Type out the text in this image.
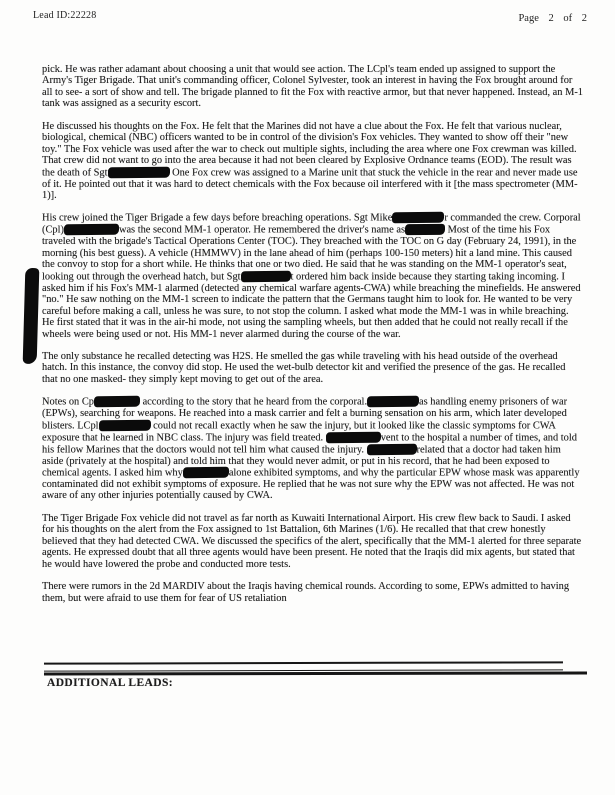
Lead ID:22228	Page 2 of 2

pick. He was rather adamant about choosing a unit that would see action. The LCpl's team ended up assigned to support the Army's Tiger Brigade. That unit's commanding officer, Colonel Sylvester, took an interest in having the Fox brought around for all to see- a sort of show and tell. The brigade planned to fit the Fox with reactive armor, but that never happened. Instead, an M-1 tank was assigned as a security escort.

He discussed his thoughts on the Fox. He felt that the Marines did not have a clue about the Fox. He felt that various nuclear, biological, chemical (NBC) officers wanted to be in control of the division's Fox vehicles. They wanted to show off their "new toy." The Fox vehicle was used after the war to check out multiple sights, including the area where one Fox crewman was killed. That crew did not want to go into the area because it had not been cleared by Explosive Ordnance teams (EOD). The result was the death of Sgt	One Fox crew was assigned to a Marine unit that stuck the vehicle in the rear and never made use of it. He pointed out that it was hard to detect chemicals with the Fox because oil interfered with it [the mass spectrometer (MM-1)].

His crew joined the Tiger Brigade a few days before breaching operations. Sgt Mike	r commanded the crew. Corporal (Cpl)	was the second MM-1 operator. He remembered the driver's name as	Most of the time his Fox traveled with the brigade's Tactical Operations Center (TOC). They breached with the TOC on G day (February 24, 1991), in the morning (his best guess). A vehicle (HMMWV) in the lane ahead of him (perhaps 100-150 meters) hit a land mine. This caused the convoy to stop for a short while. He thinks that one or two died. He said that he was standing on the MM-1 operator's seat, looking out through the overhead hatch, but Sgt	t ordered him back inside because they starting taking incoming. I asked him if his Fox's MM-1 alarmed (detected any chemical warfare agents-CWA) while breaching the minefields. He answered "no." He saw nothing on the MM-1 screen to indicate the pattern that the Germans taught him to look for. He wanted to be very careful before making a call, unless he was sure, to not stop the column. I asked what mode the MM-1 was in while breaching. He first stated that it was in the air-hi mode, not using the sampling wheels, but then added that he could not really recall if the wheels were being used or not. His MM-1 never alarmed during the course of the war.

The only substance he recalled detecting was H2S. He smelled the gas while traveling with his head outside of the overhead hatch. In this instance, the convoy did stop. He used the wet-bulb detector kit and verified the presence of the gas. He recalled that no one masked- they simply kept moving to get out of the area.

Notes on Cp	according to the story that he heard from the corporal.	as handling enemy prisoners of war (EPWs), searching for weapons. He reached into a mask carrier and felt a burning sensation on his arm, which later developed blisters. LCpl	could not recall exactly when he saw the injury, but it looked like the classic symptoms for CWA exposure that he learned in NBC class. The injury was field treated.	vent to the hospital a number of times, and told his fellow Marines that the doctors would not tell him what caused the injury.	related that a doctor had taken him aside (privately at the hospital) and told him that they would never admit, or put in his record, that he had been exposed to chemical agents. I asked him why	alone exhibited symptoms, and why the particular EPW whose mask was apparently contaminated did not exhibit symptoms of exposure. He replied that he was not sure why the EPW was not affected. He was not aware of any other injuries potentially caused by CWA.

The Tiger Brigade Fox vehicle did not travel as far north as Kuwaiti International Airport. His crew flew back to Saudi. I asked for his thoughts on the alert from the Fox assigned to 1st Battalion, 6th Marines (1/6). He recalled that that crew honestly believed that they had detected CWA. We discussed the specifics of the alert, specifically that the MM-1 alerted for three separate agents. He expressed doubt that all three agents would have been present. He noted that the Iraqis did mix agents, but stated that he would have lowered the probe and conducted more tests.

There were rumors in the 2d MARDIV about the Iraqis having chemical rounds. According to some, EPWs admitted to having them, but were afraid to use them for fear of US retaliation

ADDITIONAL LEADS:
